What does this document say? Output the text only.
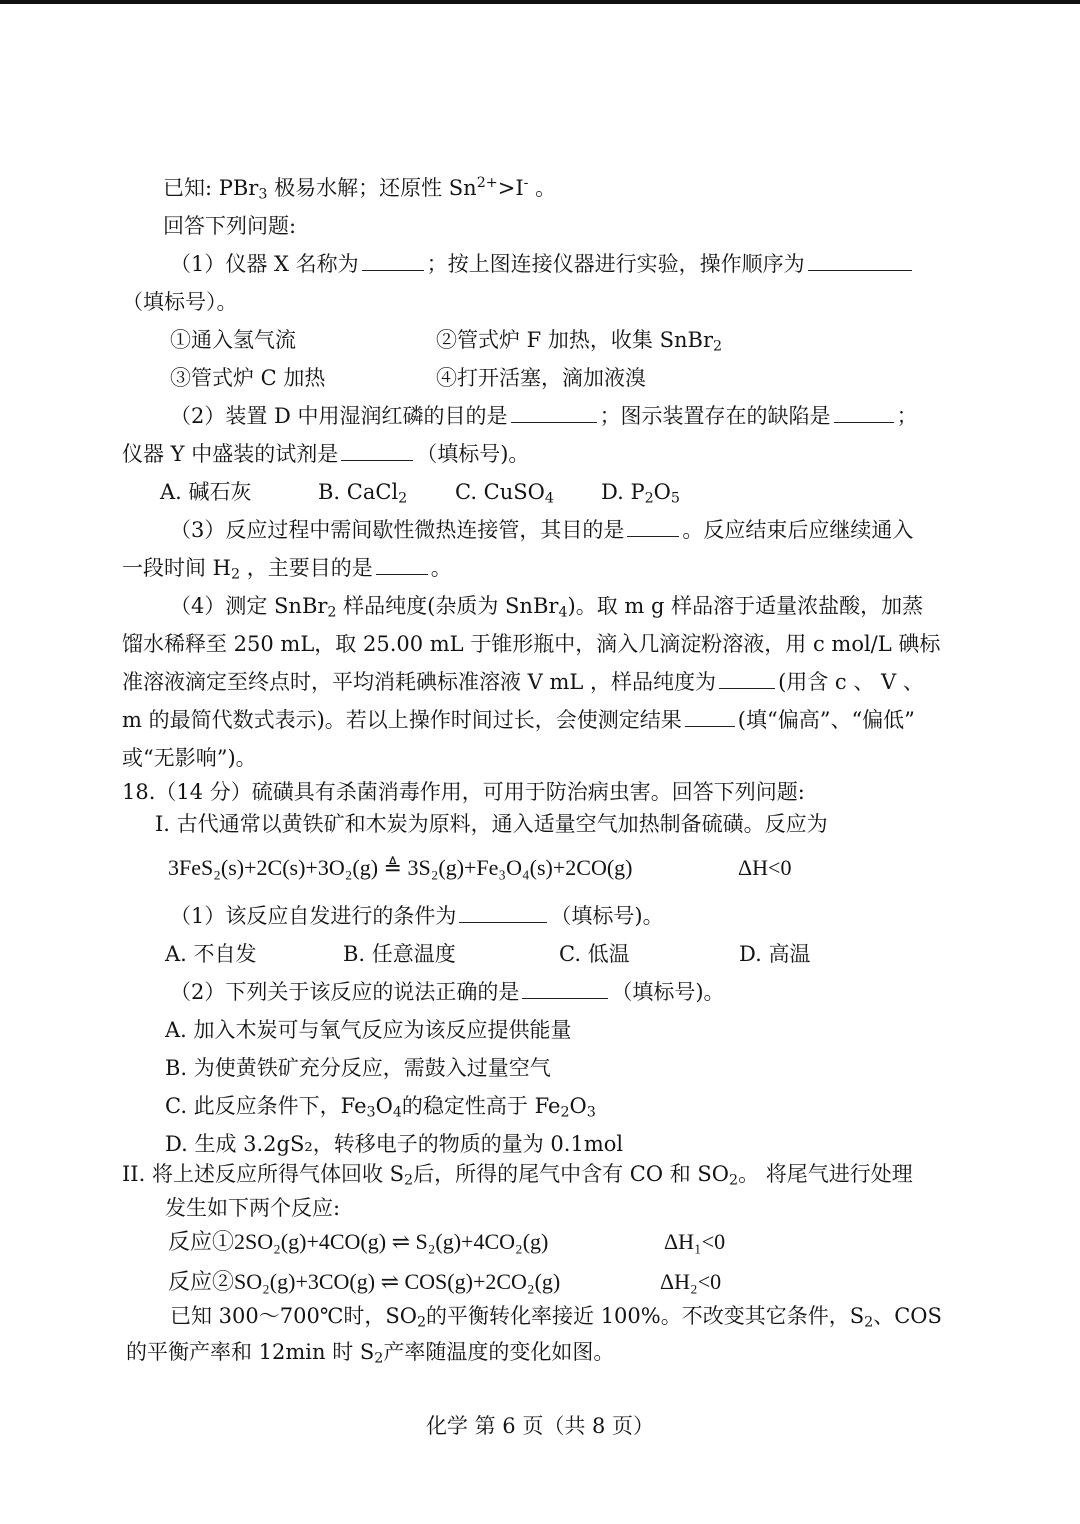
已知: PBr$_3$ 极易水解；还原性 $Sn^{2+}>I^-$ 。
回答下列问题:
（1）仪器 X 名称为	；按上图连接仪器进行实验，操作顺序为
（填标号）。
①通入氢气流	②管式炉 F 加热，收集 SnBr$_2$
③管式炉 C 加热	④打开活塞，滴加液溴
（2）装置 D 中用湿润红磷的目的是	；图示装置存在的缺陷是	；
仪器 Y 中盛装的试剂是	（填标号)。
A. 碱石灰	B. CaCl$_2$ C. CuSO$_4$ D. $P_2O_5$
（3）反应过程中需间歇性微热连接管，其目的是	。反应结束后应继续通入
一段时间 $H_2$ ，主要目的是	。
（4）测定 SnBr$_2$ 样品纯度(杂质为 SnBr$_4$)。取 m g 样品溶于适量浓盐酸，加蒸
馏水稀释至 250 mL，取 25.00 mL 于锥形瓶中，滴入几滴淀粉溶液，用 c mol/L 碘标
准溶液滴定至终点时，平均消耗碘标准溶液 V mL ，样品纯度为	(用含 c 、 V 、
m 的最简代数式表示)。若以上操作时间过长，会使测定结果	(填“偏高”、“偏低”
或“无影响”)。
18.（14 分）硫磺具有杀菌消毒作用，可用于防治病虫害。回答下列问题:
I. 古代通常以黄铁矿和木炭为原料，通入适量空气加热制备硫磺。反应为
3FeS₂(s)+2C(s)+3O₂(g) ≜ 3S₂(g)+Fe₃O₄(s)+2CO(g)	ΔH<0
（1）该反应自发进行的条件为	（填标号)。
A. 不自发	B. 任意温度	C. 低温	D. 高温
（2）下列关于该反应的说法正确的是	（填标号)。
A. 加入木炭可与氧气反应为该反应提供能量
B. 为使黄铁矿充分反应，需鼓入过量空气
C. 此反应条件下，$Fe_3O_4$的稳定性高于 $Fe_2O_3$
D. 生成 3.2gS₂，转移电子的物质的量为 0.1mol
II. 将上述反应所得气体回收 $S_2$后，所得的尾气中含有 CO 和 $SO_2$。 将尾气进行处理
发生如下两个反应:
反应①2SO₂(g)+4CO(g) ⇌ S₂(g)+4CO₂(g)	ΔH₁<0
反应②SO₂(g)+3CO(g) ⇌ COS(g)+2CO₂(g)	ΔH₂<0
已知 300～700℃时，$SO_2$的平衡转化率接近 100%。不改变其它条件，$S_2$、COS
的平衡产率和 12min 时 $S_2$产率随温度的变化如图。
化学 第 6 页（共 8 页）
